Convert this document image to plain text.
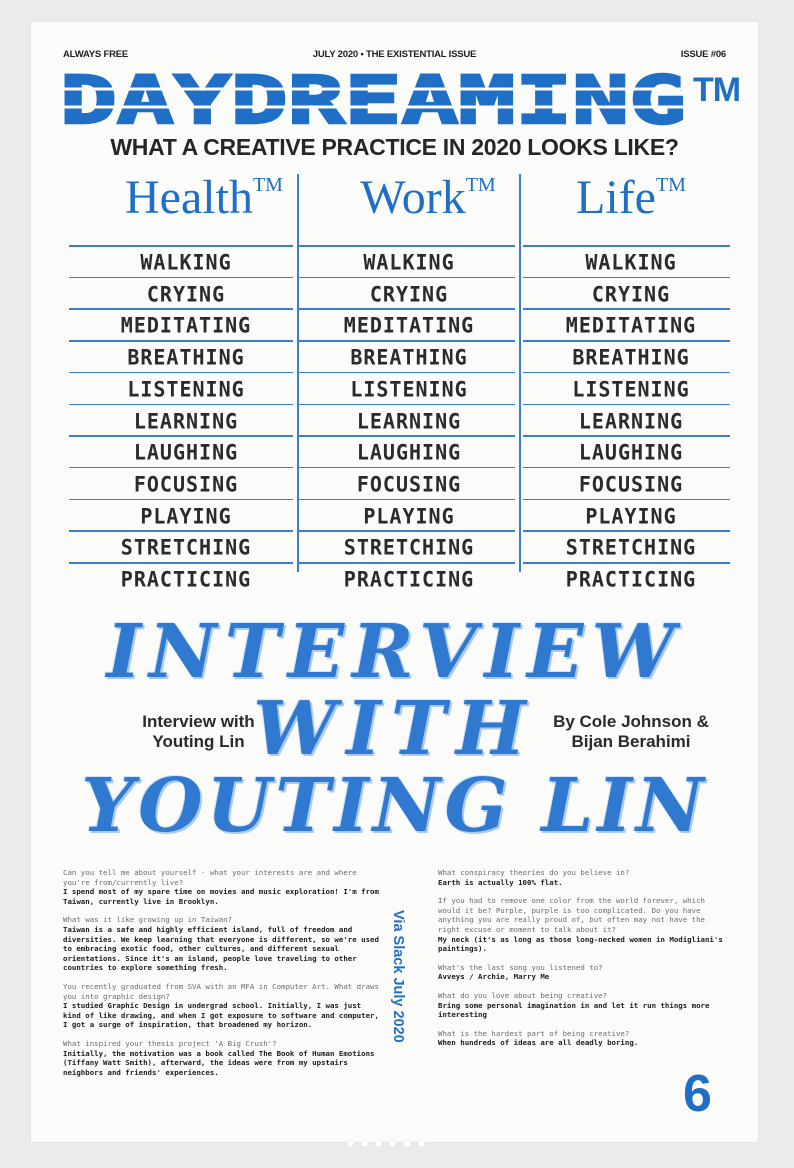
ALWAYS FREE	JULY 2020 • THE EXISTENTIAL ISSUE	ISSUE #06
DAYDREAMING TM
WHAT A CREATIVE PRACTICE IN 2020 LOOKS LIKE?
Health™	Work™	Life™
WALKING	WALKING	WALKING
CRYING	CRYING	CRYING
MEDITATING	MEDITATING	MEDITATING
BREATHING	BREATHING	BREATHING
LISTENING	LISTENING	LISTENING
LEARNING	LEARNING	LEARNING
LAUGHING	LAUGHING	LAUGHING
FOCUSING	FOCUSING	FOCUSING
PLAYING	PLAYING	PLAYING
STRETCHING	STRETCHING	STRETCHING
PRACTICING	PRACTICING	PRACTICING
INTERVIEW
WITH
YOUTING LIN
Interview with
Youting Lin
By Cole Johnson &
Bijan Berahimi
Can you tell me about yourself - what your interests are and where you're from/currently live?
I spend most of my spare time on movies and music exploration! I'm from Taiwan, currently live in Brooklyn.
What was it like growing up in Taiwan?
Taiwan is a safe and highly efficient island, full of freedom and diversities. We keep learning that everyone is different, so we're used to embracing exotic food, other cultures, and different sexual orientations. Since it's an island, people love traveling to other countries to explore something fresh.
You recently graduated from SVA with an MFA in Computer Art. What draws you into graphic design?
I studied Graphic Design in undergrad school. Initially, I was just kind of like drawing, and when I got exposure to software and computer, I got a surge of inspiration, that broadened my horizon.
What inspired your thesis project 'A Big Crush'?
Initially, the motivation was a book called The Book of Human Emotions (Tiffany Watt Smith), afterward, the ideas were from my upstairs neighbors and friends' experiences.
Via Slack July 2020
What conspiracy theories do you believe in?
Earth is actually 100% flat.
If you had to remove one color from the world forever, which would it be? Purple, purple is too complicated. Do you have anything you are really proud of, but often may not have the right excuse or moment to talk about it?
My neck (it's as long as those long-necked women in Modigliani's paintings).
What's the last song you listened to?
Avveys / Archie, Marry Me
What do you love about being creative?
Bring some personal imagination in and let it run things more interesting
What is the hardest part of being creative?
When hundreds of ideas are all deadly boring.
6
